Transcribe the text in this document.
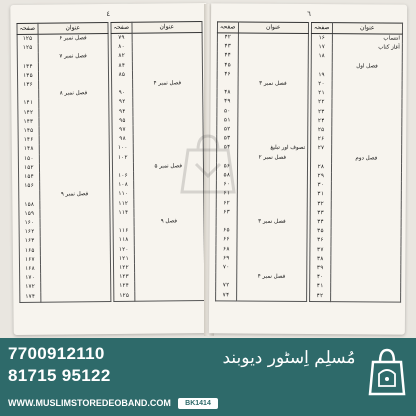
٤
صفحہ	عنوان
۱۲۵	فصل نمبر ۶
۱۲۵	
	فصل نمبر ۷
۱۳۴	
۱۳۵	
۱۳۶	
	فصل نمبر ۸
۱۴۱	
۱۴۲	
۱۴۳	
۱۴۵	
۱۴۶	
۱۴۸	
۱۵۰	
۱۵۲	
۱۵۴	
۱۵۶	
	فصل نمبر ۹
۱۵۸	
۱۵۹	
۱۶۰	
۱۶۲	
۱۶۳	
۱۶۵	
۱۶۷	
۱۶۸	
۱۷۰	
۱۷۲	
۱۷۴	
صفحہ	عنوان
۷۹	
۸۰	
۸۲	
۸۴	
۸۵	
	فصل نمبر ۴
۹۰	
۹۲	
۹۴	
۹۵	
۹۷	
۹۸	
۱۰۰	
۱۰۲	
	فصل نمبر ۵
۱۰۶	
۱۰۸	
۱۱۰	
۱۱۲	
۱۱۴	
	فصل ۹
۱۱۶	
۱۱۸	
۱۲۰	
۱۲۱	
۱۲۲	
۱۲۳	
۱۲۴	
۱۲۵	
٦
صفحہ	عنوان
۴۲	
۴۳	
۴۴	
۴۵	
۴۶	
	فصل نمبر ۳
۴۸	
۴۹	
۵۰	
۵۱	
۵۲	
۵۳	
۵۴	تصوف اور تبلیغ
	فصل نمبر ۲
۵۶	
۵۸	
۶۰	
۶۱	
۶۲	
۶۳	
	فصل نمبر ۳
۶۵	
۶۶	
۶۸	
۶۹	
۷۰	
	فصل نمبر ۴
۷۲	
۷۴	
صفحہ	عنوان
۱۶	انتساب
۱۷	آغاز کتاب
۱۸	
	فصل اول
۱۹	
۲۰	
۲۱	
۲۲	
۲۳	
۲۴	
۲۵	
۲۶	
۲۷	
	فصل دوم
۲۸	
۲۹	
۳۰	
۳۱	
۳۲	
۳۳	
۳۴	
۳۵	
۳۶	
۳۷	
۳۸	
۳۹	
۴۰	
۴۱	
۴۲	
7700912110
81715 95122
WWW.MUSLIMSTOREDEOBAND.COM	BK1414
مُسلِم اِسٹور دیوبند
